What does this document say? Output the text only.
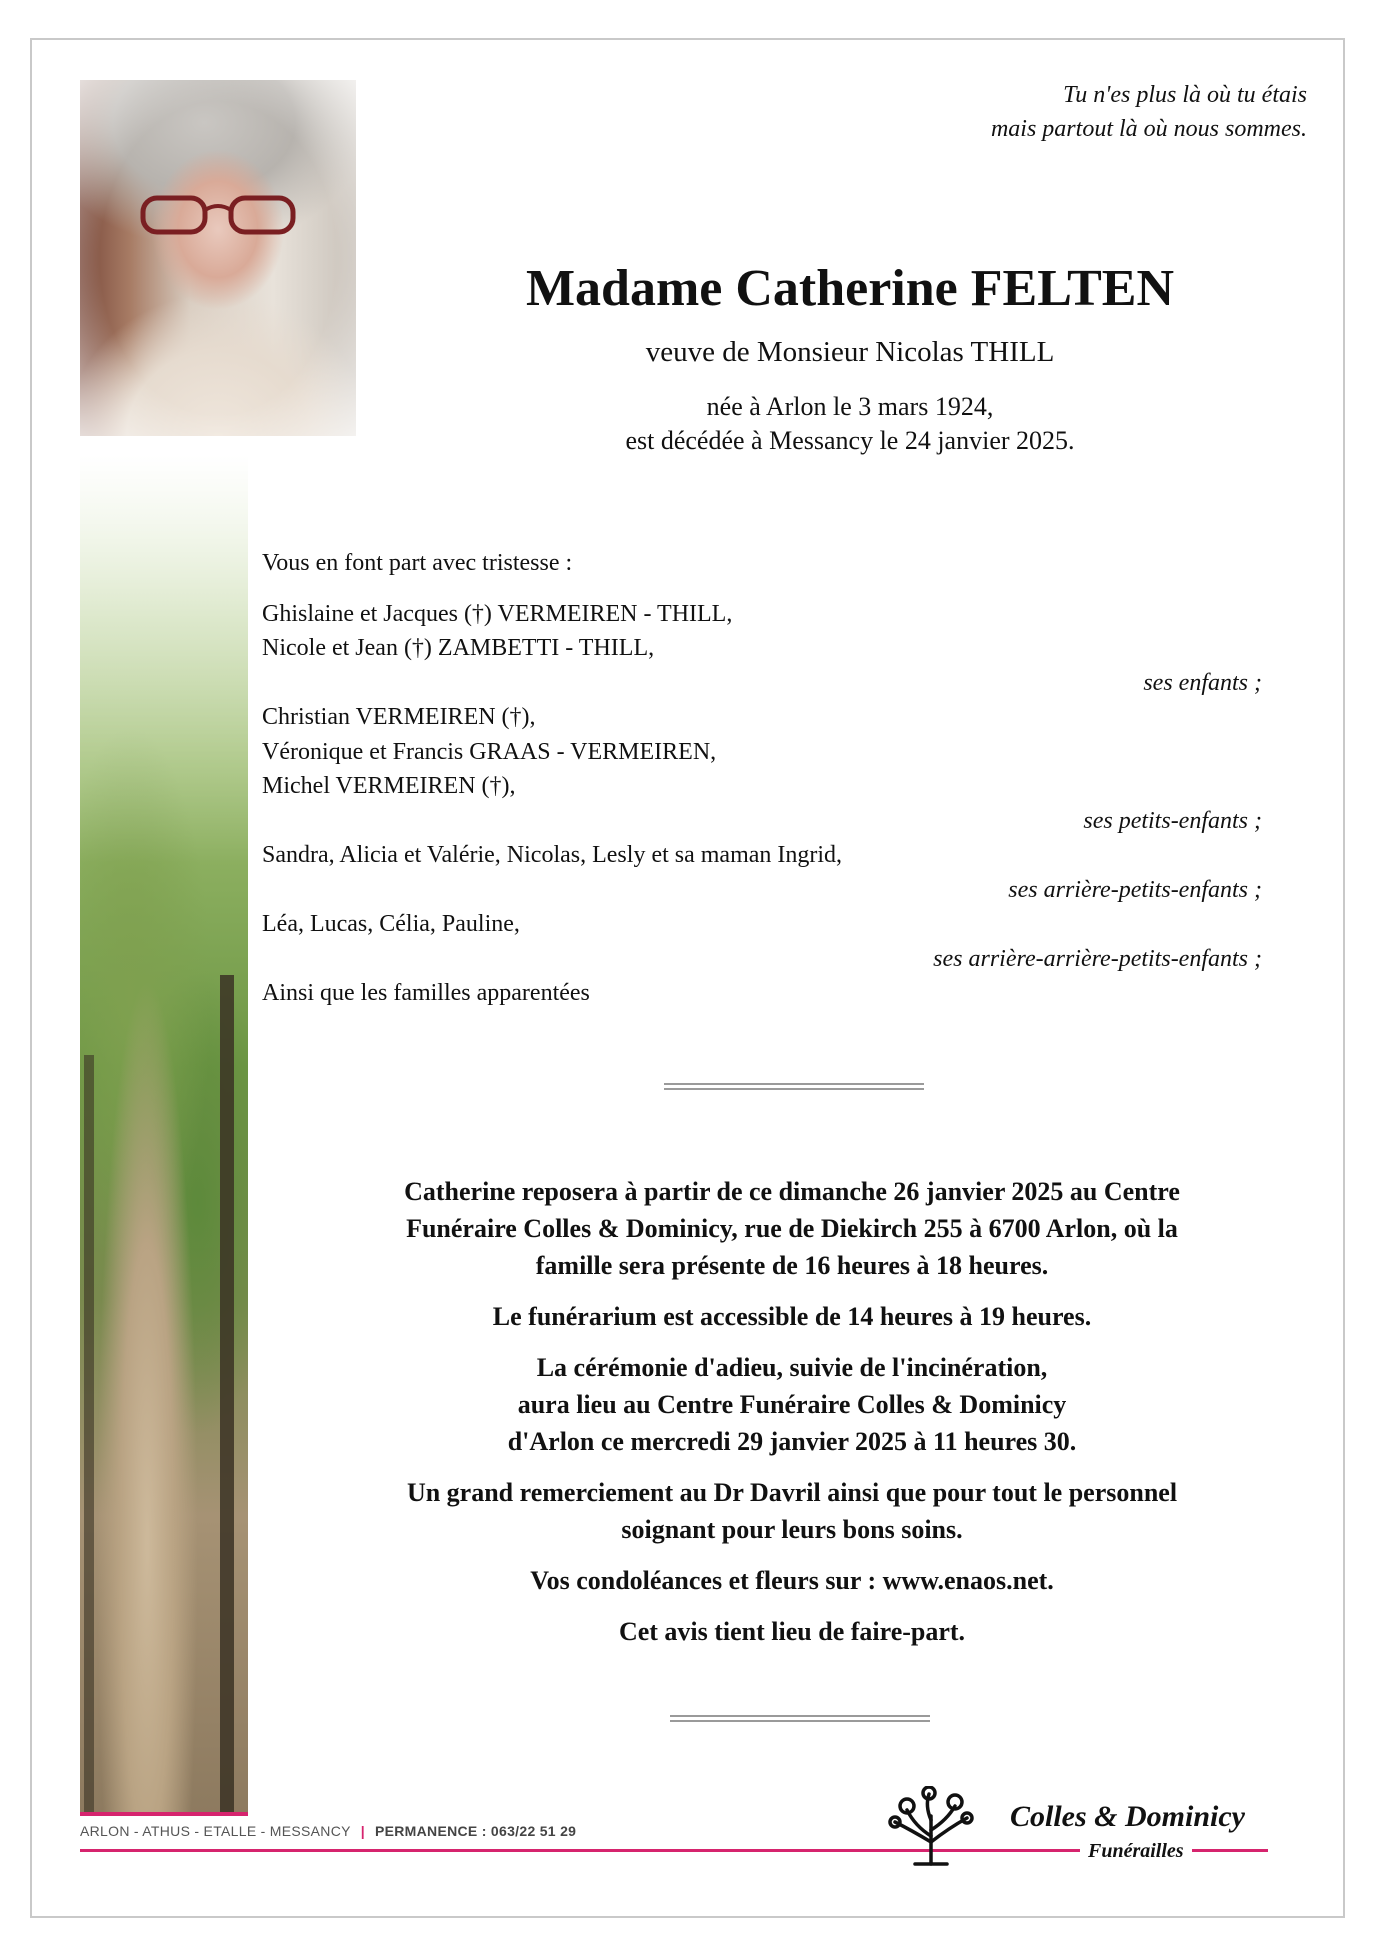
Tu n'es plus là où tu étais
mais partout là où nous sommes.
Madame Catherine FELTEN
veuve de Monsieur Nicolas THILL
née à Arlon le 3 mars 1924,
est décédée à Messancy le 24 janvier 2025.
Vous en font part avec tristesse :
Ghislaine et Jacques (†) VERMEIREN - THILL,
Nicole et Jean (†) ZAMBETTI - THILL,
ses enfants ;
Christian VERMEIREN (†),
Véronique et Francis GRAAS - VERMEIREN,
Michel VERMEIREN (†),
ses petits-enfants ;
Sandra, Alicia et Valérie, Nicolas, Lesly et sa maman Ingrid,
ses arrière-petits-enfants ;
Léa, Lucas, Célia, Pauline,
ses arrière-arrière-petits-enfants ;
Ainsi que les familles apparentées

Catherine reposera à partir de ce dimanche 26 janvier 2025 au Centre
Funéraire Colles & Dominicy, rue de Diekirch 255 à 6700 Arlon, où la
famille sera présente de 16 heures à 18 heures.

Le funérarium est accessible de 14 heures à 19 heures.

La cérémonie d'adieu, suivie de l'incinération,
aura lieu au Centre Funéraire Colles & Dominicy
d'Arlon ce mercredi 29 janvier 2025 à 11 heures 30.

Un grand remerciement au Dr Davril ainsi que pour tout le personnel
soignant pour leurs bons soins.

Vos condoléances et fleurs sur : www.enaos.net.

Cet avis tient lieu de faire-part.

ARLON - ATHUS - ETALLE - MESSANCY | PERMANENCE : 063/22 51 29	Colles & Dominicy
Funérailles
